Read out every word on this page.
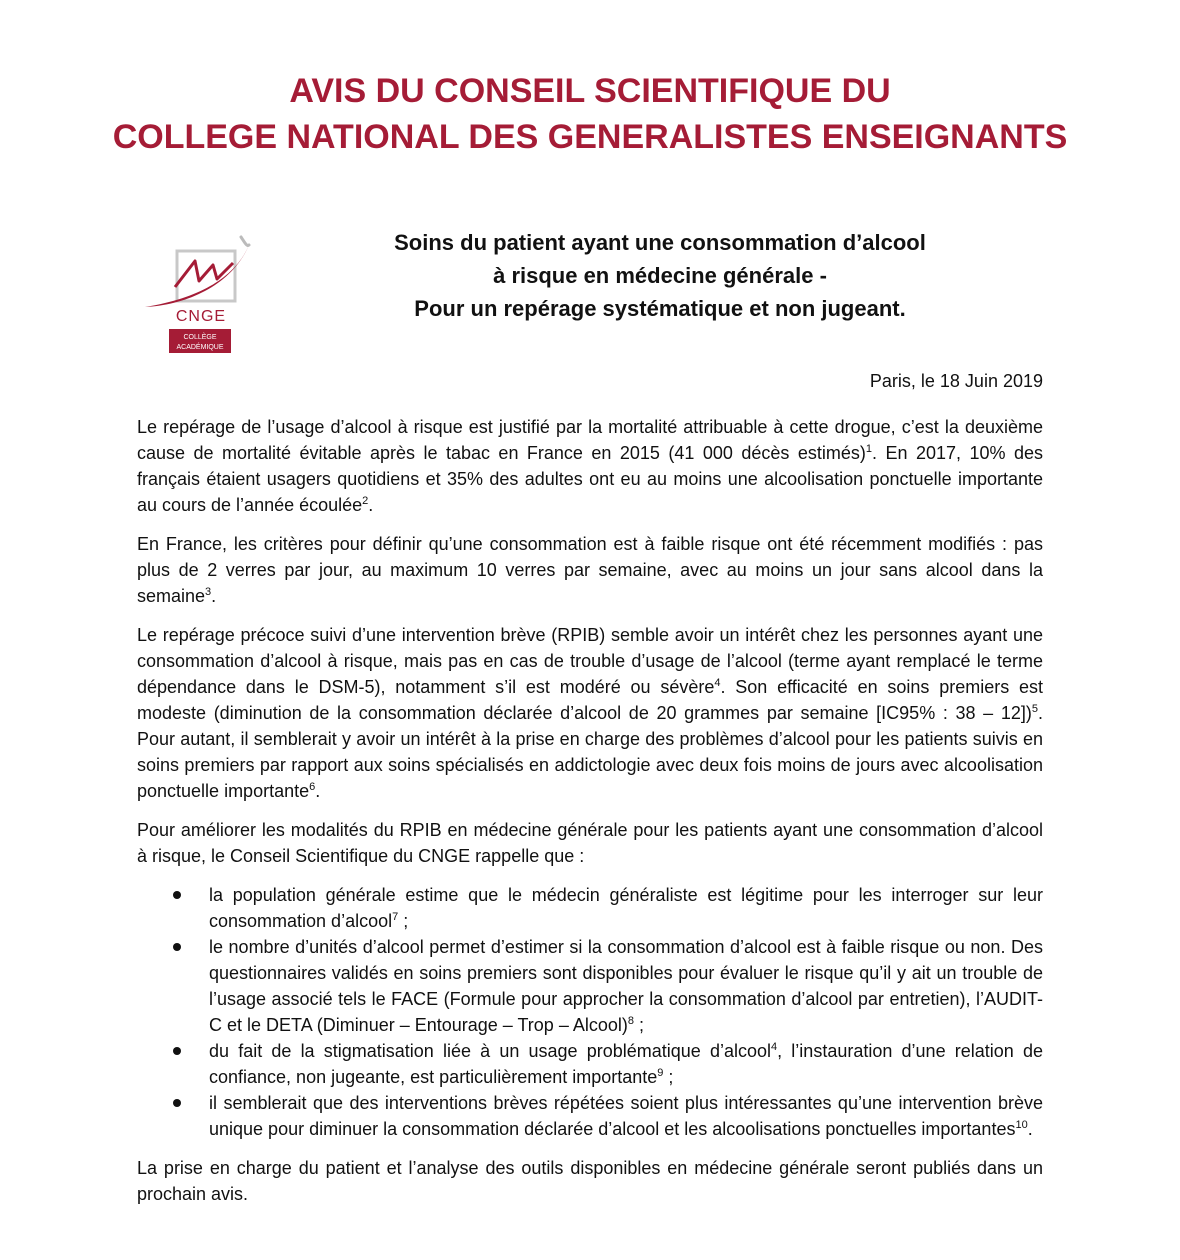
AVIS DU CONSEIL SCIENTIFIQUE DU
COLLEGE NATIONAL DES GENERALISTES ENSEIGNANTS
CNGE
COLLÈGE
ACADÉMIQUE
Soins du patient ayant une consommation d’alcool
à risque en médecine générale -
Pour un repérage systématique et non jugeant.
Paris, le 18 Juin 2019

Le repérage de l’usage d’alcool à risque est justifié par la mortalité attribuable à cette drogue, c’est la deuxième cause de mortalité évitable après le tabac en France en 2015 (41 000 décès estimés)$^1$. En 2017, 10% des français étaient usagers quotidiens et 35% des adultes ont eu au moins une alcoolisation ponctuelle importante au cours de l’année écoulée$^2$.

En France, les critères pour définir qu’une consommation est à faible risque ont été récemment modifiés : pas plus de 2 verres par jour, au maximum 10 verres par semaine, avec au moins un jour sans alcool dans la semaine$^3$.

Le repérage précoce suivi d’une intervention brève (RPIB) semble avoir un intérêt chez les personnes ayant une consommation d’alcool à risque, mais pas en cas de trouble d’usage de l’alcool (terme ayant remplacé le terme dépendance dans le DSM-5), notamment s’il est modéré ou sévère$^4$. Son efficacité en soins premiers est modeste (diminution de la consommation déclarée d’alcool de 20 grammes par semaine [IC95% : 38 – 12])$^5$. Pour autant, il semblerait y avoir un intérêt à la prise en charge des problèmes d’alcool pour les patients suivis en soins premiers par rapport aux soins spécialisés en addictologie avec deux fois moins de jours avec alcoolisation ponctuelle importante$^6$.

Pour améliorer les modalités du RPIB en médecine générale pour les patients ayant une consommation d’alcool à risque, le Conseil Scientifique du CNGE rappelle que :

la population générale estime que le médecin généraliste est légitime pour les interroger sur leur consommation d’alcool$^7$ ;
le nombre d’unités d’alcool permet d’estimer si la consommation d’alcool est à faible risque ou non. Des questionnaires validés en soins premiers sont disponibles pour évaluer le risque qu’il y ait un trouble de l’usage associé tels le FACE (Formule pour approcher la consommation d’alcool par entretien), l’AUDIT-C et le DETA (Diminuer – Entourage – Trop – Alcool)$^8$ ;
du fait de la stigmatisation liée à un usage problématique d’alcool$^4$, l’instauration d’une relation de confiance, non jugeante, est particulièrement importante$^9$ ;
il semblerait que des interventions brèves répétées soient plus intéressantes qu’une intervention brève unique pour diminuer la consommation déclarée d’alcool et les alcoolisations ponctuelles importantes$^{10}$.

La prise en charge du patient et l’analyse des outils disponibles en médecine générale seront publiés dans un prochain avis.
